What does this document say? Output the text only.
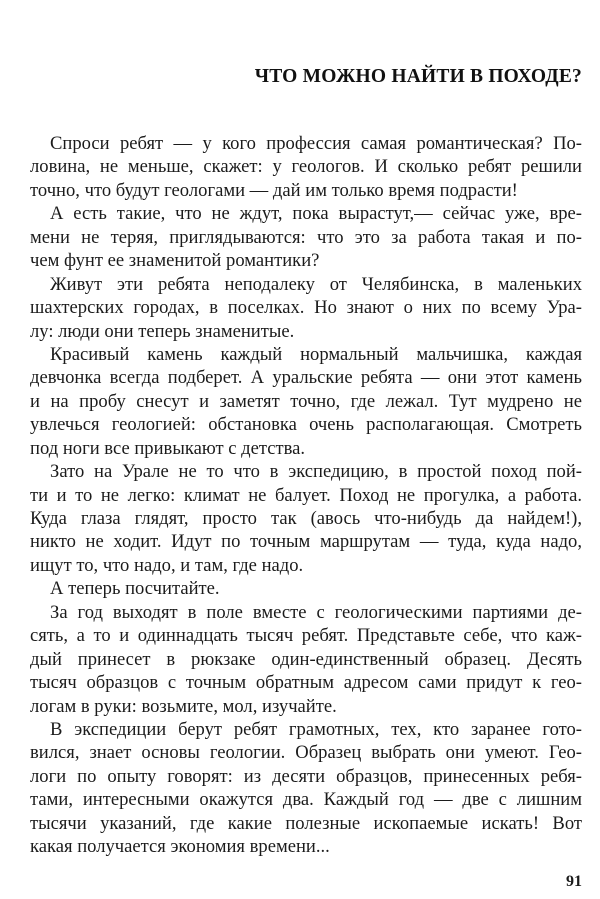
ЧТО МОЖНО НАЙТИ В ПОХОДЕ?
Спроси ребят — у кого профессия самая романтическая? По-
ловина, не меньше, скажет: у геологов. И сколько ребят решили
точно, что будут геологами — дай им только время подрасти!
А есть такие, что не ждут, пока вырастут,— сейчас уже, вре-
мени не теряя, приглядываются: что это за работа такая и по-
чем фунт ее знаменитой романтики?
Живут эти ребята неподалеку от Челябинска, в маленьких
шахтерских городах, в поселках. Но знают о них по всему Ура-
лу: люди они теперь знаменитые.
Красивый камень каждый нормальный мальчишка, каждая
девчонка всегда подберет. А уральские ребята — они этот камень
и на пробу снесут и заметят точно, где лежал. Тут мудрено не
увлечься геологией: обстановка очень располагающая. Смотреть
под ноги все привыкают с детства.
Зато на Урале не то что в экспедицию, в простой поход пой-
ти и то не легко: климат не балует. Поход не прогулка, а работа.
Куда глаза глядят, просто так (авось что-нибудь да найдем!),
никто не ходит. Идут по точным маршрутам — туда, куда надо,
ищут то, что надо, и там, где надо.
А теперь посчитайте.
За год выходят в поле вместе с геологическими партиями де-
сять, а то и одиннадцать тысяч ребят. Представьте себе, что каж-
дый принесет в рюкзаке один-единственный образец. Десять
тысяч образцов с точным обратным адресом сами придут к гео-
логам в руки: возьмите, мол, изучайте.
В экспедиции берут ребят грамотных, тех, кто заранее гото-
вился, знает основы геологии. Образец выбрать они умеют. Гео-
логи по опыту говорят: из десяти образцов, принесенных ребя-
тами, интересными окажутся два. Каждый год — две с лишним
тысячи указаний, где какие полезные ископаемые искать! Вот
какая получается экономия времени...
91
